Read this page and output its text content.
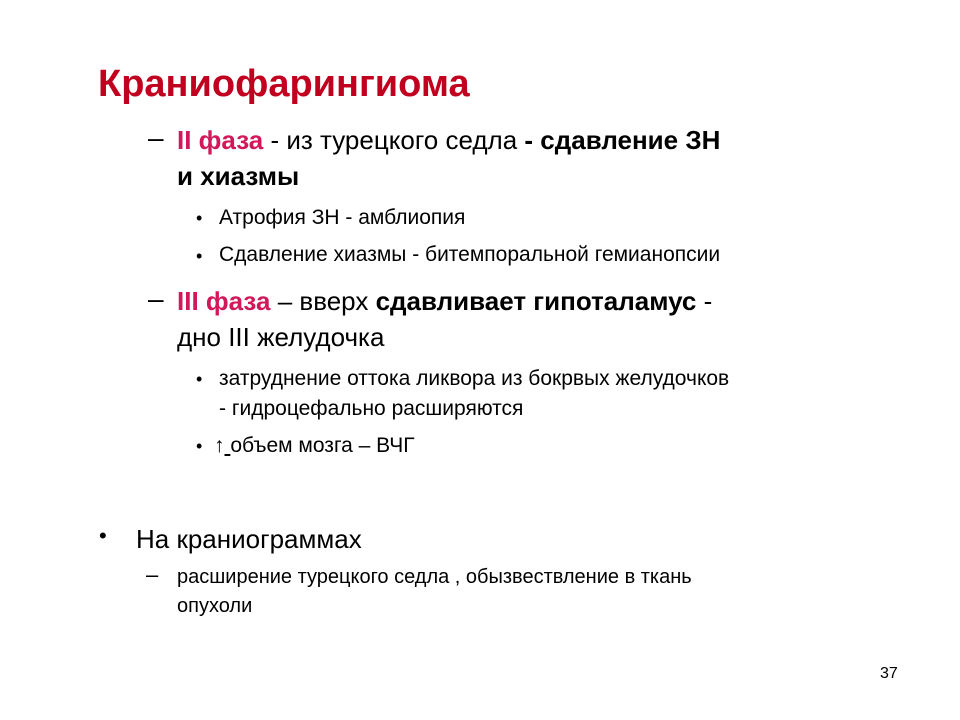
Краниофарингиома
– II фаза - из турецкого седла - сдавление ЗН
и хиазмы
• Атрофия ЗН - амблиопия
• Сдавление хиазмы - битемпоральной гемианопсии
– III фаза – вверх сдавливает гипоталамус -
дно III желудочка
• затруднение оттока ликвора из бокрвых желудочков
- гидроцефально расширяются
• ↑ объем мозга – ВЧГ
• На краниограммах
– расширение турецкого седла , обызвествление в ткань
опухоли
37
